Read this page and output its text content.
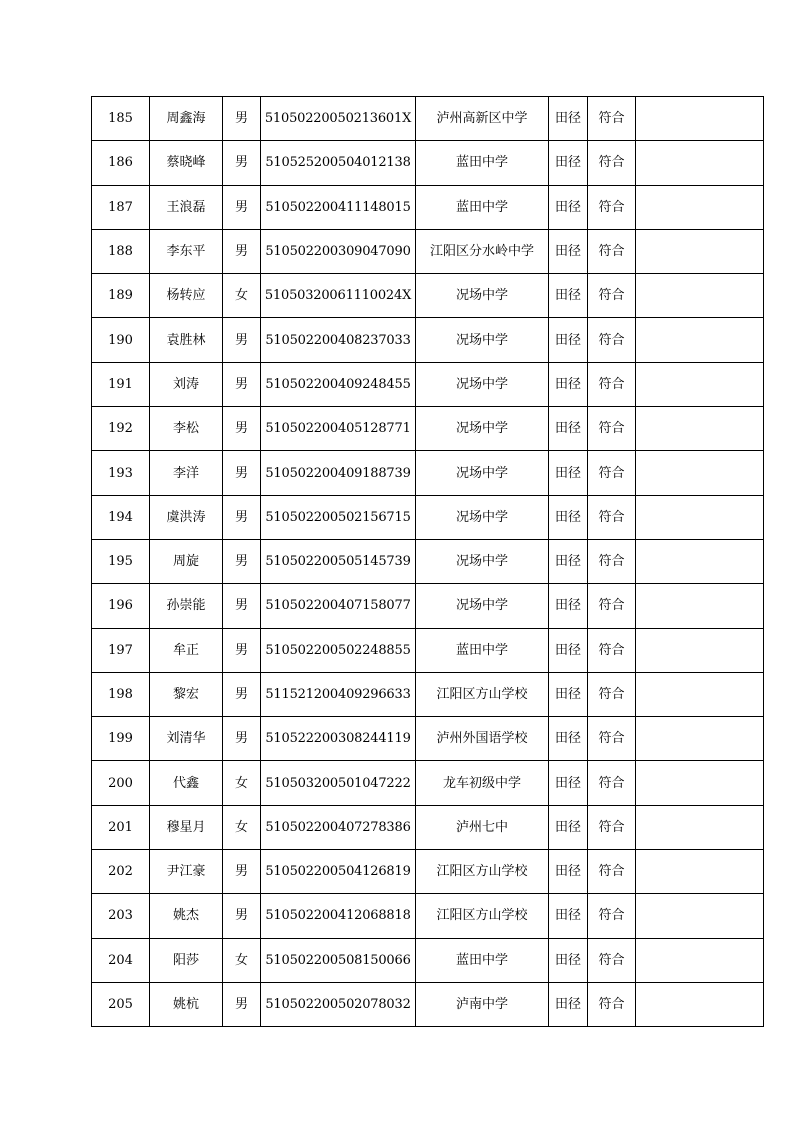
185	周鑫海	男	51050220050213601X	泸州高新区中学	田径	符合	
186	蔡晓峰	男	510525200504012138	蓝田中学	田径	符合	
187	王浪磊	男	510502200411148015	蓝田中学	田径	符合	
188	李东平	男	510502200309047090	江阳区分水岭中学	田径	符合	
189	杨转应	女	51050320061110024X	况场中学	田径	符合	
190	袁胜林	男	510502200408237033	况场中学	田径	符合	
191	刘涛	男	510502200409248455	况场中学	田径	符合	
192	李松	男	510502200405128771	况场中学	田径	符合	
193	李洋	男	510502200409188739	况场中学	田径	符合	
194	虞洪涛	男	510502200502156715	况场中学	田径	符合	
195	周旋	男	510502200505145739	况场中学	田径	符合	
196	孙崇能	男	510502200407158077	况场中学	田径	符合	
197	牟正	男	510502200502248855	蓝田中学	田径	符合	
198	黎宏	男	511521200409296633	江阳区方山学校	田径	符合	
199	刘清华	男	510522200308244119	泸州外国语学校	田径	符合	
200	代鑫	女	510503200501047222	龙车初级中学	田径	符合	
201	穆星月	女	510502200407278386	泸州七中	田径	符合	
202	尹江豪	男	510502200504126819	江阳区方山学校	田径	符合	
203	姚杰	男	510502200412068818	江阳区方山学校	田径	符合	
204	阳莎	女	510502200508150066	蓝田中学	田径	符合	
205	姚杭	男	510502200502078032	泸南中学	田径	符合	
